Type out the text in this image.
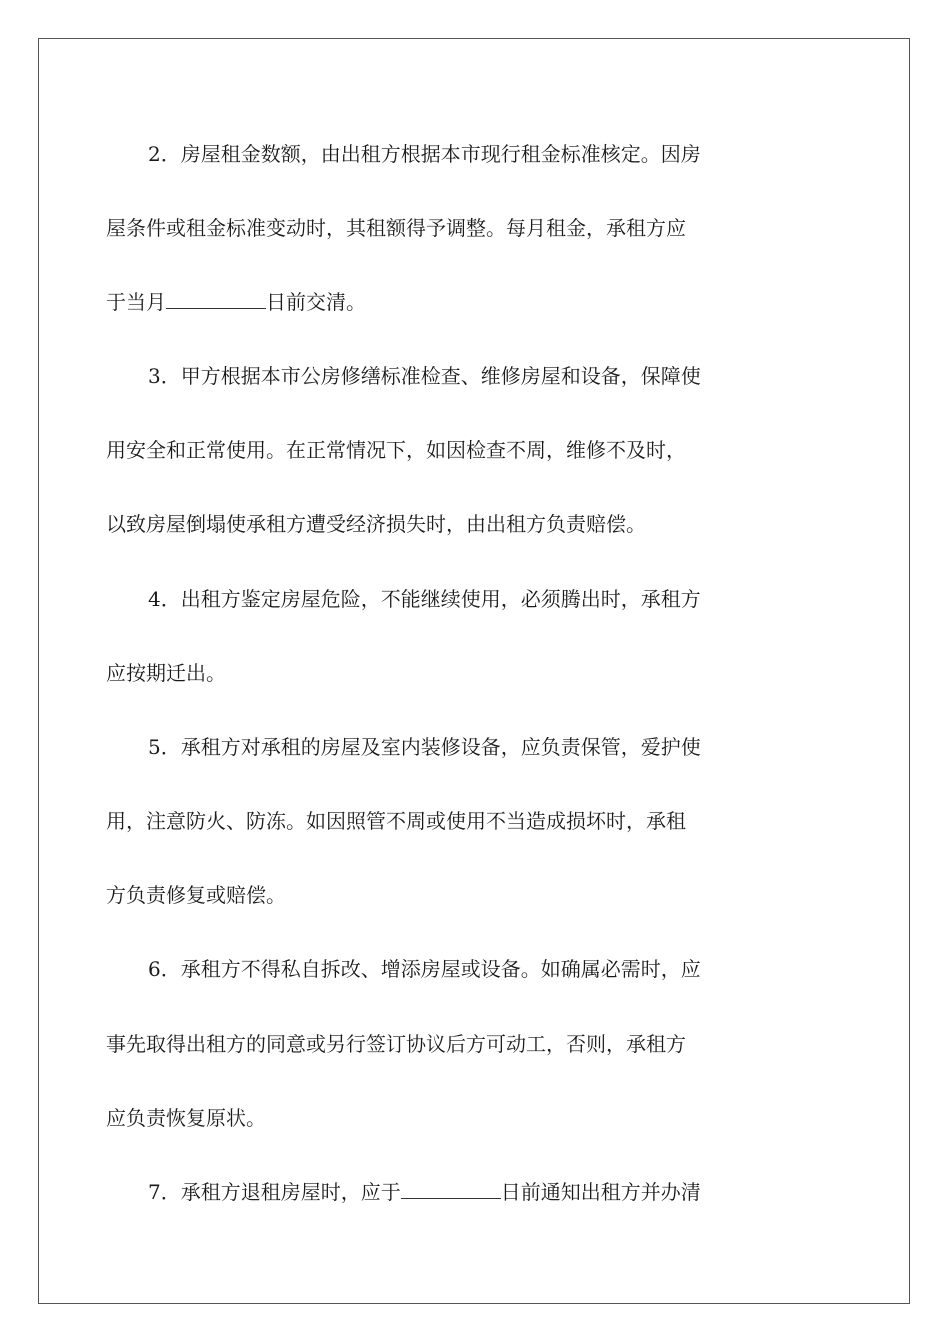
2．房屋租金数额，由出租方根据本市现行租金标准核定。因房
屋条件或租金标准变动时，其租额得予调整。每月租金，承租方应
于当月	日前交清。
3．甲方根据本市公房修缮标准检查、维修房屋和设备，保障使
用安全和正常使用。在正常情况下，如因检查不周，维修不及时，
以致房屋倒塌使承租方遭受经济损失时，由出租方负责赔偿。
4．出租方鉴定房屋危险，不能继续使用，必须腾出时，承租方
应按期迁出。
5．承租方对承租的房屋及室内装修设备，应负责保管，爱护使
用，注意防火、防冻。如因照管不周或使用不当造成损坏时，承租
方负责修复或赔偿。
6．承租方不得私自拆改、增添房屋或设备。如确属必需时，应
事先取得出租方的同意或另行签订协议后方可动工，否则，承租方
应负责恢复原状。
7．承租方退租房屋时，应于	日前通知出租方并办清
